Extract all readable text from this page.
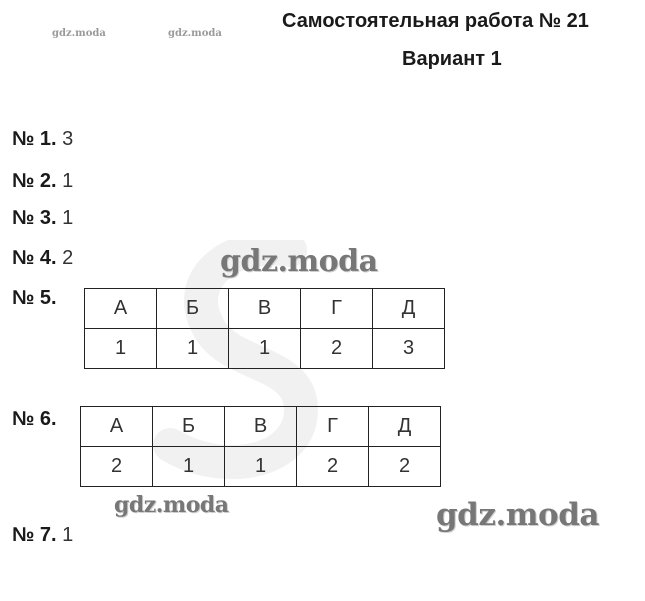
Самостоятельная работа № 21
Вариант 1
№ 1. 3
№ 2. 1
№ 3. 1
№ 4. 2
№ 5.
№ 6.
№ 7. 1
А	Б	В	Г	Д
1	1	1	2	3
А	Б	В	Г	Д
2	1	1	2	2
gdz.moda	gdz.moda
gdz.moda
gdz.moda	gdz.moda
